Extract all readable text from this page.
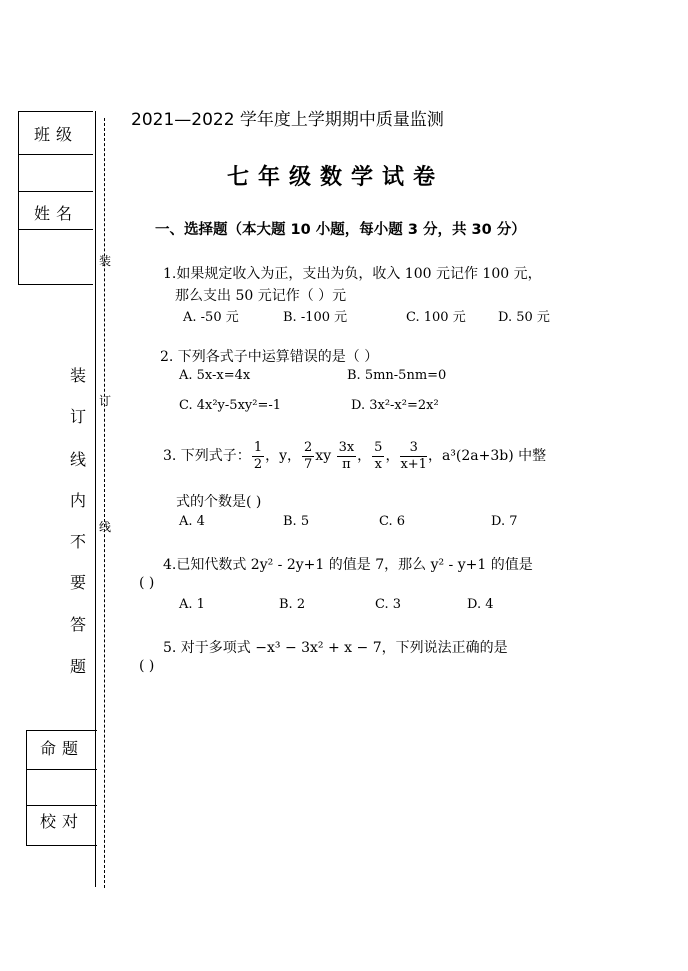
班级
姓名
装
订
线
装
订
线
内
不
要
答
题
命题
校对
2021—2022 学年度上学期期中质量监测
七年级数学试卷
一、选择题（本大题 10 小题，每小题 3 分，共 30 分）
1.如果规定收入为正，支出为负，收入 100 元记作 100 元，
那么支出 50 元记作（ ）元
A. -50 元	B. -100 元	C. 100 元 D. 50 元
2. 下列各式子中运算错误的是（ ）
A. 5x-x=4x	B. 5mn-5nm=0
C. 4x²y-5xy²=-1	D. 3x²-x²=2x²
3. 下列式子： $\frac{1}{2}$ ，y， $\frac{2}{7}$ xy $\frac{3x}{\pi}$ ， $\frac{5}{x}$ ， $\frac{3}{x+1}$ ，a³(2a+3b) 中整
式的个数是( )
A. 4	B. 5	C. 6	D. 7
4.已知代数式 2y² - 2y+1 的值是 7，那么 y² - y+1 的值是
( )
A. 1	B. 2	C. 3	D. 4
5. 对于多项式 −x³ − 3x² + x − 7，下列说法正确的是
( )
